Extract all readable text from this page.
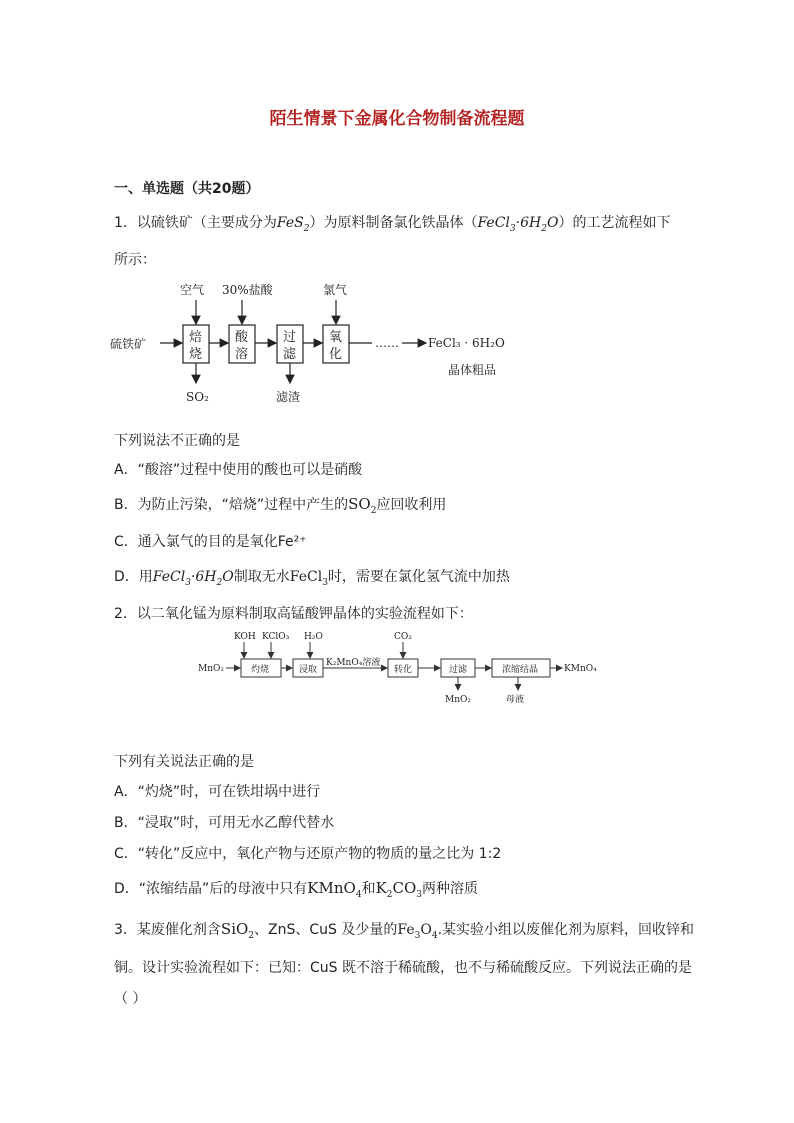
陌生情景下金属化合物制备流程题
一、单选题（共20题）
1．以硫铁矿（主要成分为FeS$_2$）为原料制备氯化铁晶体$(FeCl_3\cdot 6H_2O)$的工艺流程如下
所示：
硫铁矿
空气 30%盐酸	氯气
焙
烧
酸
溶
过
滤
氧
化
…… FeCl₃ · 6H₂O
晶体粗品
SO₂	滤渣
下列说法不正确的是
A．“酸溶”过程中使用的酸也可以是硝酸
B．为防止污染，“焙烧”过程中产生的$SO_2$应回收利用
C．通入氯气的目的是氧化Fe²⁺
D．用$FeCl_3\cdot 6H_2O$制取无水FeCl$_3$时，需要在氯化氢气流中加热
2．以二氧化锰为原料制取高锰酸钾晶体的实验流程如下：
MnO₂
KOH KClO₃ H₂O	CO₂
灼烧	浸取	转化	过滤	浓缩结晶
K₂MnO₄溶液
KMnO₄
MnO₂	母液
下列有关说法正确的是
A．“灼烧”时，可在铁坩埚中进行
B．“浸取”时，可用无水乙醇代替水
C．“转化”反应中，氧化产物与还原产物的物质的量之比为 1:2
D．“浓缩结晶”后的母液中只有KMnO$_4$和$K_2CO_3$两种溶质
3．某废催化剂含SiO$_2$、ZnS、CuS 及少量的$Fe_3O_4$.某实验小组以废催化剂为原料，回收锌和
铜。设计实验流程如下：已知：CuS 既不溶于稀硫酸，也不与稀硫酸反应。下列说法正确的是
（ ）
